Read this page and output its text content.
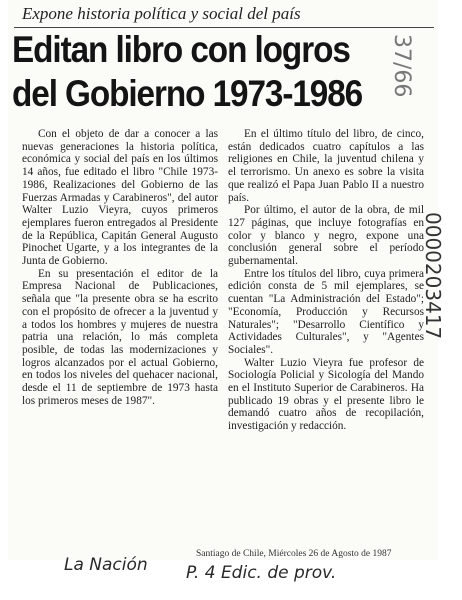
Expone historia política y social del país
Editan libro con logros
del Gobierno 1973-1986

Con el objeto de dar a conocer a las nuevas generaciones la historia política, económica y social del país en los últimos 14 años, fue editado el libro "Chile 1973-1986, Realizaciones del Gobierno de las Fuerzas Armadas y Carabineros", del autor Walter Luzio Vieyra, cuyos primeros ejemplares fueron entregados al Presidente de la República, Capitán General Augusto Pinochet Ugarte, y a los integrantes de la Junta de Gobierno.

En su presentación el editor de la Empresa Nacional de Publicaciones, señala que "la presente obra se ha escrito con el propósito de ofrecer a la juventud y a todos los hombres y mujeres de nuestra patria una relación, lo más completa posible, de todas las modernizaciones y logros alcanzados por el actual Gobierno, en todos los niveles del quehacer nacional, desde el 11 de septiembre de 1973 hasta los primeros meses de 1987".

En el último título del libro, de cinco, están dedicados cuatro capítulos a las religiones en Chile, la juventud chilena y el terrorismo. Un anexo es sobre la visita que realizó el Papa Juan Pablo II a nuestro país.

Por último, el autor de la obra, de mil 127 páginas, que incluye fotografías en color y blanco y negro, expone una conclusión general sobre el período gubernamental.

Entre los títulos del libro, cuya primera edición consta de 5 mil ejemplares, se cuentan "La Administración del Estado"; "Economía, Producción y Recursos Naturales"; "Desarrollo Científico y Actividades Culturales", y "Agentes Sociales".

Walter Luzio Vieyra fue profesor de Sociología Policial y Sicología del Mando en el Instituto Superior de Carabineros. Ha publicado 19 obras y el presente libro le demandó cuatro años de recopilación, investigación y redacción.

Santiago de Chile, Miércoles 26 de Agosto de 1987
La Nación P. 4 Edic. de prov.
37/66
0000203417
